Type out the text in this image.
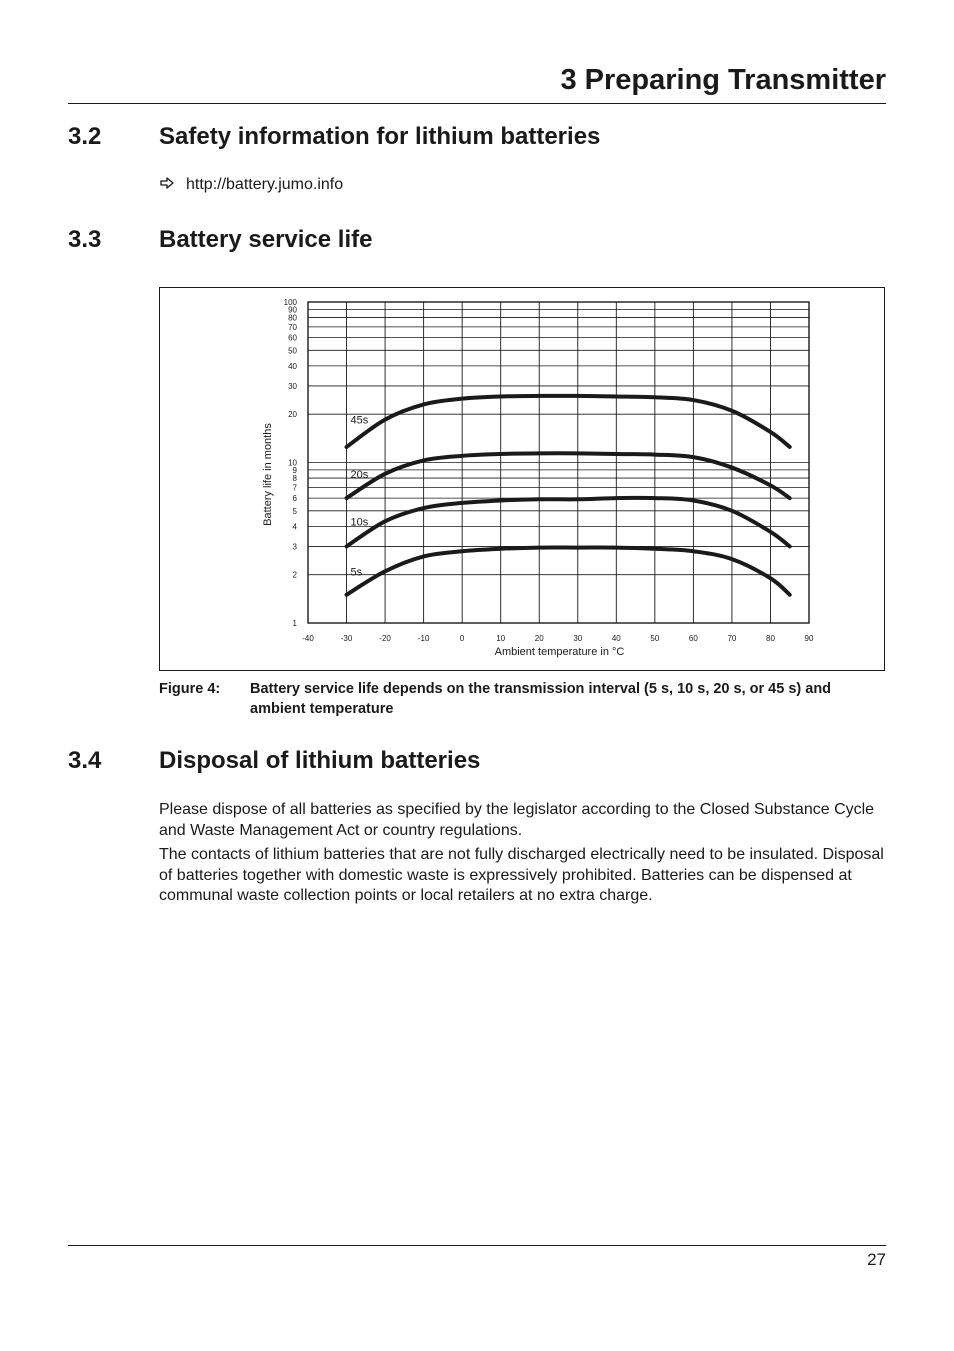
3 Preparing Transmitter
3.2 Safety information for lithium batteries
http://battery.jumo.info
3.3 Battery service life
-40	-30	-20	-10	0	10	20	30	40	50	60	70	80	90
1
2
3
4
5
6
7
8
9
10
20
30
40
50
60
70
80
90
100
Ambient temperature in °C
Battery life in months
45s
20s
10s
5s
Figure 4: Battery service life depends on the transmission interval (5 s, 10 s, 20 s, or 45 s) and ambient temperature
3.4 Disposal of lithium batteries

Please dispose of all batteries as specified by the legislator according to the Closed Substance Cycle and Waste Management Act or country regulations.

The contacts of lithium batteries that are not fully discharged electrically need to be insulated. Disposal of batteries together with domestic waste is expressively prohibited. Batteries can be dispensed at communal waste collection points or local retailers at no extra charge.

27
